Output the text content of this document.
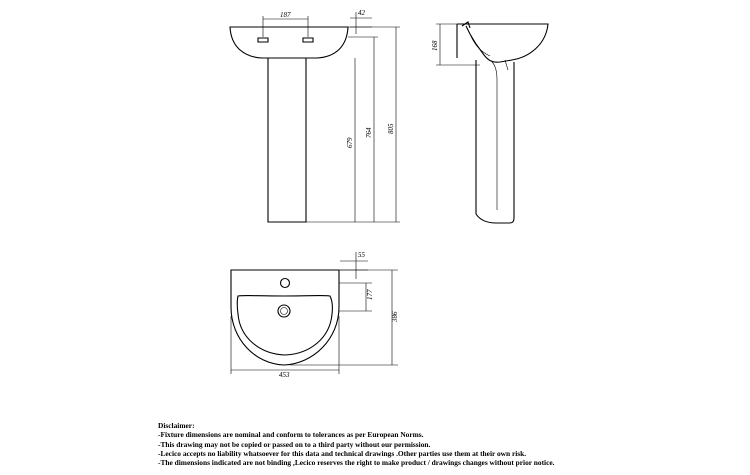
187	42
679
764 805
168
55
177
386
453
Disclaimer:
-Fixture dimensions are nominal and conform to tolerances as per European Norms.
-This drawing may not be copied or passed on to a third party without our permission.
-Lecico accepts no liability whatsoever for this data and technical drawings .Other parties use them at their own risk.
-The dimensions indicated are not binding ,Lecico reserves the right to make product / drawings changes without prior notice.
